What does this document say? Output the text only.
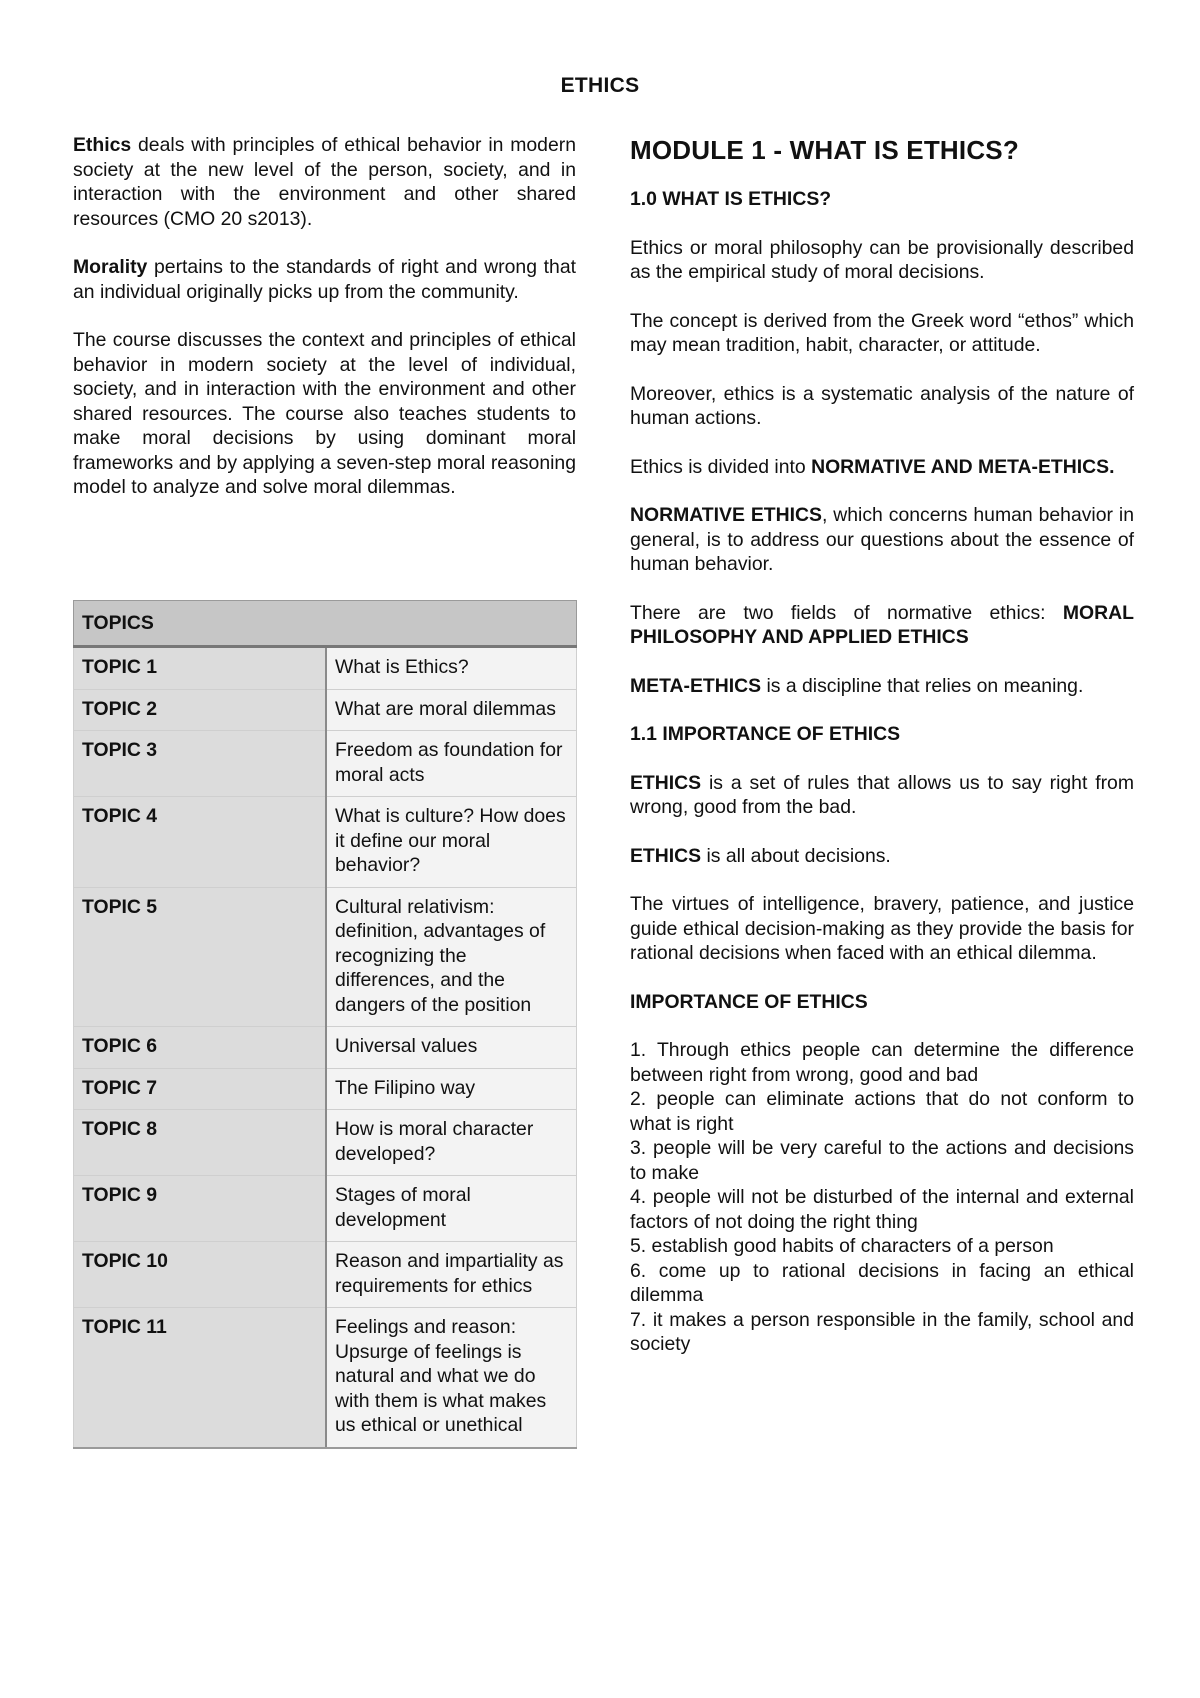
ETHICS

Ethics deals with principles of ethical behavior in modern society at the new level of the person, society, and in interaction with the environment and other shared resources (CMO 20 s2013).

Morality pertains to the standards of right and wrong that an individual originally picks up from the community.

The course discusses the context and principles of ethical behavior in modern society at the level of individual, society, and in interaction with the environment and other shared resources. The course also teaches students to make moral decisions by using dominant moral frameworks and by applying a seven-step moral reasoning model to analyze and solve moral dilemmas.

TOPICS	
TOPIC 1	What is Ethics?
TOPIC 2	What are moral dilemmas
TOPIC 3	Freedom as foundation for moral acts
TOPIC 4	What is culture? How does it define our moral behavior?
TOPIC 5	Cultural relativism: definition, advantages of recognizing the differences, and the dangers of the position
TOPIC 6	Universal values
TOPIC 7	The Filipino way
TOPIC 8	How is moral character developed?
TOPIC 9	Stages of moral development
TOPIC 10	Reason and impartiality as requirements for ethics
TOPIC 11	Feelings and reason: Upsurge of feelings is natural and what we do with them is what makes us ethical or unethical
MODULE 1 - WHAT IS ETHICS?
1.0 WHAT IS ETHICS?

Ethics or moral philosophy can be provisionally described as the empirical study of moral decisions.

The concept is derived from the Greek word “ethos” which may mean tradition, habit, character, or attitude.

Moreover, ethics is a systematic analysis of the nature of human actions.

Ethics is divided into NORMATIVE AND META-ETHICS.

NORMATIVE ETHICS, which concerns human behavior in general, is to address our questions about the essence of human behavior.

There are two fields of normative ethics: MORAL PHILOSOPHY AND APPLIED ETHICS

META-ETHICS is a discipline that relies on meaning.

1.1 IMPORTANCE OF ETHICS

ETHICS is a set of rules that allows us to say right from wrong, good from the bad.

ETHICS is all about decisions.

The virtues of intelligence, bravery, patience, and justice guide ethical decision-making as they provide the basis for rational decisions when faced with an ethical dilemma.

IMPORTANCE OF ETHICS
1. Through ethics people can determine the difference between right from wrong, good and bad
2. people can eliminate actions that do not conform to what is right
3. people will be very careful to the actions and decisions to make
4. people will not be disturbed of the internal and external factors of not doing the right thing
5. establish good habits of characters of a person
6. come up to rational decisions in facing an ethical dilemma
7. it makes a person responsible in the family, school and society
